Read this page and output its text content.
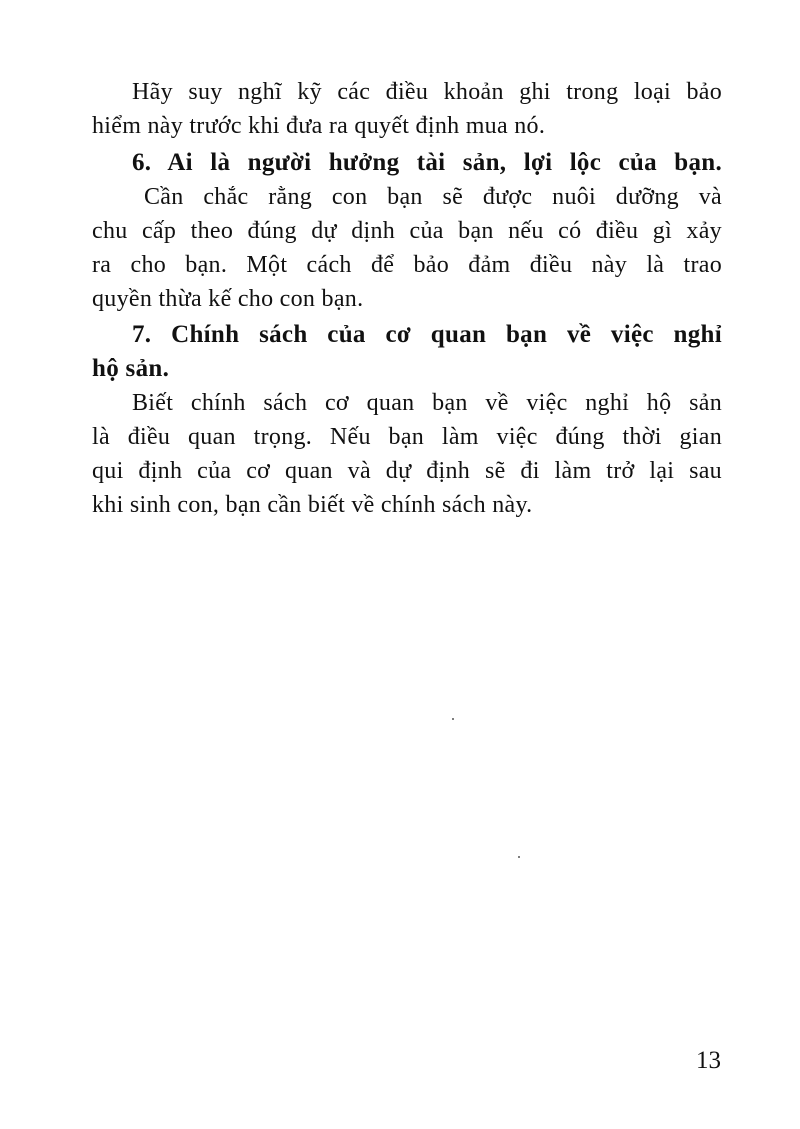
Hãy suy nghĩ kỹ các điều khoản ghi trong loại bảo
hiểm này trước khi đưa ra quyết định mua nó.
6. Ai là người hưởng tài sản, lợi lộc của bạn.
Cần chắc rằng con bạn sẽ được nuôi dưỡng và
chu cấp theo đúng dự dịnh của bạn nếu có điều gì xảy
ra cho bạn. Một cách để bảo đảm điều này là trao
quyền thừa kế cho con bạn.
7. Chính sách của cơ quan bạn về việc nghỉ
hộ sản.
Biết chính sách cơ quan bạn về việc nghỉ hộ sản
là điều quan trọng. Nếu bạn làm việc đúng thời gian
qui định của cơ quan và dự định sẽ đi làm trở lại sau
khi sinh con, bạn cần biết về chính sách này.
13
